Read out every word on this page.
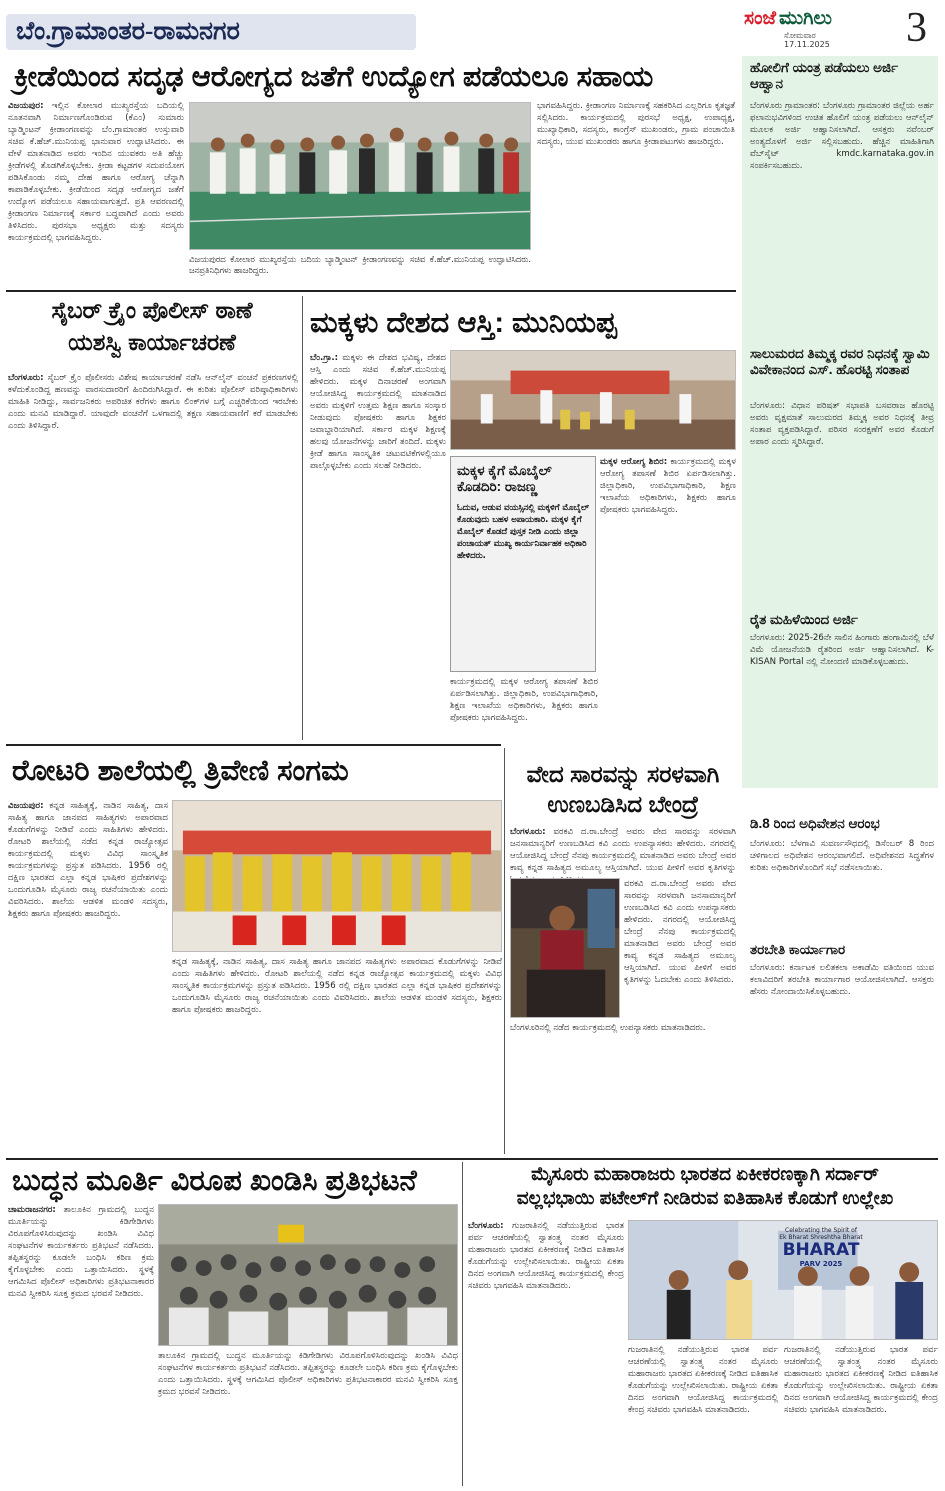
ಬೆಂ.ಗ್ರಾಮಾಂತರ-ರಾಮನಗರ	ಸಂಜೆ ಮುಗಿಲು
ಸೋಮವಾರ
17.11.2025 3
ಕ್ರೀಡೆಯಿಂದ ಸದೃಢ ಆರೋಗ್ಯದ ಜತೆಗೆ ಉದ್ಯೋಗ ಪಡೆಯಲೂ ಸಹಾಯ
ವಿಜಯಪುರ: ಇಲ್ಲಿನ ಕೋಲಾರ ಮುಖ್ಯರಸ್ತೆಯ ಬದಿಯಲ್ಲಿ ನೂತನವಾಗಿ ನಿರ್ಮಾಣಗೊಂಡಿರುವ (ಕೆಎಂ) ಸುಮಾರು ಬ್ಯಾಡ್ಮಿಂಟನ್ ಕ್ರೀಡಾಂಗಣವನ್ನು ಬೆಂ.ಗ್ರಾಮಾಂತರ ಉಸ್ತುವಾರಿ ಸಚಿವ ಕೆ.ಹೆಚ್.ಮುನಿಯಪ್ಪ ಭಾನುವಾರ ಉದ್ಘಾಟಿಸಿದರು. ಈ ವೇಳೆ ಮಾತನಾಡಿದ ಅವರು ಇಂದಿನ ಯುವಕರು ಅತಿ ಹೆಚ್ಚು ಕ್ರೀಡೆಗಳಲ್ಲಿ ತೊಡಗಿಕೊಳ್ಳಬೇಕು. ಕ್ರೀಡಾ ಕಟ್ಟಡಗಳ ಸದುಪಯೋಗ ಪಡಿಸಿಕೊಂಡು ನಮ್ಮ ದೇಹ ಹಾಗೂ ಆರೋಗ್ಯ ಚೆನ್ನಾಗಿ ಕಾಪಾಡಿಕೊಳ್ಳಬೇಕು. ಕ್ರೀಡೆಯಿಂದ ಸದೃಢ ಆರೋಗ್ಯದ ಜತೆಗೆ ಉದ್ಯೋಗ ಪಡೆಯಲೂ ಸಹಾಯವಾಗುತ್ತದೆ. ಪ್ರತಿ ಆವರಣದಲ್ಲಿ ಕ್ರೀಡಾಂಗಣ ನಿರ್ಮಾಣಕ್ಕೆ ಸರ್ಕಾರ ಬದ್ಧವಾಗಿದೆ ಎಂದು ಅವರು ತಿಳಿಸಿದರು. ಪುರಸಭಾ ಅಧ್ಯಕ್ಷರು ಮತ್ತು ಸದಸ್ಯರು ಕಾರ್ಯಕ್ರಮದಲ್ಲಿ ಭಾಗವಹಿಸಿದ್ದರು.
ವಿಜಯಪುರದ ಕೋಲಾರ ಮುಖ್ಯರಸ್ತೆಯ ಬದಿಯ ಬ್ಯಾಡ್ಮಿಂಟನ್ ಕ್ರೀಡಾಂಗಣವನ್ನು ಸಚಿವ ಕೆ.ಹೆಚ್.ಮುನಿಯಪ್ಪ ಉದ್ಘಾಟಿಸಿದರು. ಜನಪ್ರತಿನಿಧಿಗಳು ಹಾಜರಿದ್ದರು.
ಭಾಗವಹಿಸಿದ್ದರು. ಕ್ರೀಡಾಂಗಣ ನಿರ್ಮಾಣಕ್ಕೆ ಸಹಕರಿಸಿದ ಎಲ್ಲರಿಗೂ ಕೃತಜ್ಞತೆ ಸಲ್ಲಿಸಿದರು. ಕಾರ್ಯಕ್ರಮದಲ್ಲಿ ಪುರಸಭೆ ಅಧ್ಯಕ್ಷ, ಉಪಾಧ್ಯಕ್ಷ, ಮುಖ್ಯಾಧಿಕಾರಿ, ಸದಸ್ಯರು, ಕಾಂಗ್ರೆಸ್ ಮುಖಂಡರು, ಗ್ರಾಮ ಪಂಚಾಯಿತಿ ಸದಸ್ಯರು, ಯುವ ಮುಖಂಡರು ಹಾಗೂ ಕ್ರೀಡಾಪಟುಗಳು ಹಾಜರಿದ್ದರು.
ಸೈಬರ್ ಕ್ರೈಂ ಪೊಲೀಸ್ ಠಾಣೆ
ಯಶಸ್ವಿ ಕಾರ್ಯಾಚರಣೆ
ಬೆಂಗಳೂರು: ಸೈಬರ್ ಕ್ರೈಂ ಪೊಲೀಸರು ವಿಶೇಷ ಕಾರ್ಯಾಚರಣೆ ನಡೆಸಿ ಆನ್‌ಲೈನ್ ವಂಚನೆ ಪ್ರಕರಣಗಳಲ್ಲಿ ಕಳೆದುಕೊಂಡಿದ್ದ ಹಣವನ್ನು ವಾರಸುದಾರರಿಗೆ ಹಿಂದಿರುಗಿಸಿದ್ದಾರೆ. ಈ ಕುರಿತು ಪೊಲೀಸ್ ವರಿಷ್ಠಾಧಿಕಾರಿಗಳು ಮಾಹಿತಿ ನೀಡಿದ್ದು, ಸಾರ್ವಜನಿಕರು ಅಪರಿಚಿತ ಕರೆಗಳು ಹಾಗೂ ಲಿಂಕ್‌ಗಳ ಬಗ್ಗೆ ಎಚ್ಚರಿಕೆಯಿಂದ ಇರಬೇಕು ಎಂದು ಮನವಿ ಮಾಡಿದ್ದಾರೆ. ಯಾವುದೇ ವಂಚನೆಗೆ ಒಳಗಾದಲ್ಲಿ ತಕ್ಷಣ ಸಹಾಯವಾಣಿಗೆ ಕರೆ ಮಾಡಬೇಕು ಎಂದು ತಿಳಿಸಿದ್ದಾರೆ.
ಮಕ್ಕಳು ದೇಶದ ಆಸ್ತಿ: ಮುನಿಯಪ್ಪ
ಬೆಂ.ಗ್ರಾ.: ಮಕ್ಕಳು ಈ ದೇಶದ ಭವಿಷ್ಯ, ದೇಶದ ಆಸ್ತಿ ಎಂದು ಸಚಿವ ಕೆ.ಹೆಚ್.ಮುನಿಯಪ್ಪ ಹೇಳಿದರು. ಮಕ್ಕಳ ದಿನಾಚರಣೆ ಅಂಗವಾಗಿ ಆಯೋಜಿಸಿದ್ದ ಕಾರ್ಯಕ್ರಮದಲ್ಲಿ ಮಾತನಾಡಿದ ಅವರು ಮಕ್ಕಳಿಗೆ ಉತ್ತಮ ಶಿಕ್ಷಣ ಹಾಗೂ ಸಂಸ್ಕಾರ ನೀಡುವುದು ಪೋಷಕರು ಹಾಗೂ ಶಿಕ್ಷಕರ ಜವಾಬ್ದಾರಿಯಾಗಿದೆ. ಸರ್ಕಾರ ಮಕ್ಕಳ ಶಿಕ್ಷಣಕ್ಕೆ ಹಲವು ಯೋಜನೆಗಳನ್ನು ಜಾರಿಗೆ ತಂದಿದೆ. ಮಕ್ಕಳು ಕ್ರೀಡೆ ಹಾಗೂ ಸಾಂಸ್ಕೃತಿಕ ಚಟುವಟಿಕೆಗಳಲ್ಲಿಯೂ ಪಾಲ್ಗೊಳ್ಳಬೇಕು ಎಂದು ಸಲಹೆ ನೀಡಿದರು.	ಮಕ್ಕಳ ಕೈಗೆ ಮೊಬೈಲ್ ಕೊಡದಿರಿ: ರಾಜಣ್ಣ
ಓದುವ, ಆಡುವ ವಯಸ್ಸಿನಲ್ಲಿ ಮಕ್ಕಳಿಗೆ ಮೊಬೈಲ್ ಕೊಡುವುದು ಬಹಳ ಅಪಾಯಕಾರಿ. ಮಕ್ಕಳ ಕೈಗೆ ಮೊಬೈಲ್ ಕೊಡದೆ ಪುಸ್ತಕ ನೀಡಿ ಎಂದು ಜಿಲ್ಲಾ ಪಂಚಾಯತ್ ಮುಖ್ಯ ಕಾರ್ಯನಿರ್ವಾಹಕ ಅಧಿಕಾರಿ ಹೇಳಿದರು.
ಕಾರ್ಯಕ್ರಮದಲ್ಲಿ ಮಕ್ಕಳ ಆರೋಗ್ಯ ತಪಾಸಣೆ ಶಿಬಿರ ಏರ್ಪಡಿಸಲಾಗಿತ್ತು. ಜಿಲ್ಲಾಧಿಕಾರಿ, ಉಪವಿಭಾಗಾಧಿಕಾರಿ, ಶಿಕ್ಷಣ ಇಲಾಖೆಯ ಅಧಿಕಾರಿಗಳು, ಶಿಕ್ಷಕರು ಹಾಗೂ ಪೋಷಕರು ಭಾಗವಹಿಸಿದ್ದರು.
ಮಕ್ಕಳ ಆರೋಗ್ಯ ಶಿಬಿರ: ಕಾರ್ಯಕ್ರಮದಲ್ಲಿ ಮಕ್ಕಳ ಆರೋಗ್ಯ ತಪಾಸಣೆ ಶಿಬಿರ ಏರ್ಪಡಿಸಲಾಗಿತ್ತು. ಜಿಲ್ಲಾಧಿಕಾರಿ, ಉಪವಿಭಾಗಾಧಿಕಾರಿ, ಶಿಕ್ಷಣ ಇಲಾಖೆಯ ಅಧಿಕಾರಿಗಳು, ಶಿಕ್ಷಕರು ಹಾಗೂ ಪೋಷಕರು ಭಾಗವಹಿಸಿದ್ದರು.
ಹೋಲಿಗೆ ಯಂತ್ರ ಪಡೆಯಲು ಅರ್ಜಿ ಆಹ್ವಾನ
ಬೆಂಗಳೂರು ಗ್ರಾಮಾಂತರ: ಬೆಂಗಳೂರು ಗ್ರಾಮಾಂತರ ಜಿಲ್ಲೆಯ ಅರ್ಹ ಫಲಾನುಭವಿಗಳಿಂದ ಉಚಿತ ಹೊಲಿಗೆ ಯಂತ್ರ ಪಡೆಯಲು ಆನ್‌ಲೈನ್ ಮೂಲಕ ಅರ್ಜಿ ಆಹ್ವಾನಿಸಲಾಗಿದೆ. ಆಸಕ್ತರು ನವೆಂಬರ್ ಅಂತ್ಯದೊಳಗೆ ಅರ್ಜಿ ಸಲ್ಲಿಸಬಹುದು. ಹೆಚ್ಚಿನ ಮಾಹಿತಿಗಾಗಿ ವೆಬ್‌ಸೈಟ್ kmdc.karnataka.gov.in ಸಂಪರ್ಕಿಸಬಹುದು.
ಸಾಲುಮರದ ತಿಮ್ಮಕ್ಕ ರವರ ನಿಧನಕ್ಕೆ ಸ್ವಾಮಿ ವಿವೇಕಾನಂದ ಎಸ್. ಹೊರಟ್ಟಿ ಸಂತಾಪ
ಬೆಂಗಳೂರು: ವಿಧಾನ ಪರಿಷತ್ ಸಭಾಪತಿ ಬಸವರಾಜ ಹೊರಟ್ಟಿ ಅವರು ವೃಕ್ಷಮಾತೆ ಸಾಲುಮರದ ತಿಮ್ಮಕ್ಕ ಅವರ ನಿಧನಕ್ಕೆ ತೀವ್ರ ಸಂತಾಪ ವ್ಯಕ್ತಪಡಿಸಿದ್ದಾರೆ. ಪರಿಸರ ಸಂರಕ್ಷಣೆಗೆ ಅವರ ಕೊಡುಗೆ ಅಪಾರ ಎಂದು ಸ್ಮರಿಸಿದ್ದಾರೆ.
ರೈತ ಮಹಿಳೆಯಿಂದ ಅರ್ಜಿ
ಬೆಂಗಳೂರು: 2025-26ನೇ ಸಾಲಿನ ಹಿಂಗಾರು ಹಂಗಾಮಿನಲ್ಲಿ ಬೆಳೆ ವಿಮೆ ಯೋಜನೆಯಡಿ ರೈತರಿಂದ ಅರ್ಜಿ ಆಹ್ವಾನಿಸಲಾಗಿದೆ. K-KISAN Portal ನಲ್ಲಿ ನೋಂದಣಿ ಮಾಡಿಕೊಳ್ಳಬಹುದು.
ಡಿ.8 ರಿಂದ ಅಧಿವೇಶನ ಆರಂಭ
ಬೆಂಗಳೂರು: ಬೆಳಗಾವಿ ಸುವರ್ಣಸೌಧದಲ್ಲಿ ಡಿಸೆಂಬರ್ 8 ರಿಂದ ಚಳಿಗಾಲದ ಅಧಿವೇಶನ ಆರಂಭವಾಗಲಿದೆ. ಅಧಿವೇಶನದ ಸಿದ್ಧತೆಗಳ ಕುರಿತು ಅಧಿಕಾರಿಗಳೊಂದಿಗೆ ಸಭೆ ನಡೆಸಲಾಯಿತು.
ತರಬೇತಿ ಕಾರ್ಯಾಗಾರ
ಬೆಂಗಳೂರು: ಕರ್ನಾಟಕ ಲಲಿತಕಲಾ ಅಕಾಡೆಮಿ ವತಿಯಿಂದ ಯುವ ಕಲಾವಿದರಿಗೆ ತರಬೇತಿ ಕಾರ್ಯಾಗಾರ ಆಯೋಜಿಸಲಾಗಿದೆ. ಆಸಕ್ತರು ಹೆಸರು ನೋಂದಾಯಿಸಿಕೊಳ್ಳಬಹುದು.
ರೋಟರಿ ಶಾಲೆಯಲ್ಲಿ ತ್ರಿವೇಣಿ ಸಂಗಮ
ವಿಜಯಪುರ: ಕನ್ನಡ ಸಾಹಿತ್ಯಕ್ಕೆ, ನಾಡಿನ ಸಾಹಿತ್ಯ, ದಾಸ ಸಾಹಿತ್ಯ ಹಾಗೂ ಜಾನಪದ ಸಾಹಿತ್ಯಗಳು ಅಪಾರವಾದ ಕೊಡುಗೆಗಳನ್ನು ನೀಡಿವೆ ಎಂದು ಸಾಹಿತಿಗಳು ಹೇಳಿದರು. ರೋಟರಿ ಶಾಲೆಯಲ್ಲಿ ನಡೆದ ಕನ್ನಡ ರಾಜ್ಯೋತ್ಸವ ಕಾರ್ಯಕ್ರಮದಲ್ಲಿ ಮಕ್ಕಳು ವಿವಿಧ ಸಾಂಸ್ಕೃತಿಕ ಕಾರ್ಯಕ್ರಮಗಳನ್ನು ಪ್ರಸ್ತುತ ಪಡಿಸಿದರು. 1956 ರಲ್ಲಿ ದಕ್ಷಿಣ ಭಾರತದ ಎಲ್ಲಾ ಕನ್ನಡ ಭಾಷಿಕರ ಪ್ರದೇಶಗಳನ್ನು ಒಂದುಗೂಡಿಸಿ ಮೈಸೂರು ರಾಜ್ಯ ರಚನೆಯಾಯಿತು ಎಂದು ವಿವರಿಸಿದರು. ಶಾಲೆಯ ಆಡಳಿತ ಮಂಡಳಿ ಸದಸ್ಯರು, ಶಿಕ್ಷಕರು ಹಾಗೂ ಪೋಷಕರು ಹಾಜರಿದ್ದರು.
ಕನ್ನಡ ಸಾಹಿತ್ಯಕ್ಕೆ, ನಾಡಿನ ಸಾಹಿತ್ಯ, ದಾಸ ಸಾಹಿತ್ಯ ಹಾಗೂ ಜಾನಪದ ಸಾಹಿತ್ಯಗಳು ಅಪಾರವಾದ ಕೊಡುಗೆಗಳನ್ನು ನೀಡಿವೆ ಎಂದು ಸಾಹಿತಿಗಳು ಹೇಳಿದರು. ರೋಟರಿ ಶಾಲೆಯಲ್ಲಿ ನಡೆದ ಕನ್ನಡ ರಾಜ್ಯೋತ್ಸವ ಕಾರ್ಯಕ್ರಮದಲ್ಲಿ ಮಕ್ಕಳು ವಿವಿಧ ಸಾಂಸ್ಕೃತಿಕ ಕಾರ್ಯಕ್ರಮಗಳನ್ನು ಪ್ರಸ್ತುತ ಪಡಿಸಿದರು. 1956 ರಲ್ಲಿ ದಕ್ಷಿಣ ಭಾರತದ ಎಲ್ಲಾ ಕನ್ನಡ ಭಾಷಿಕರ ಪ್ರದೇಶಗಳನ್ನು ಒಂದುಗೂಡಿಸಿ ಮೈಸೂರು ರಾಜ್ಯ ರಚನೆಯಾಯಿತು ಎಂದು ವಿವರಿಸಿದರು. ಶಾಲೆಯ ಆಡಳಿತ ಮಂಡಳಿ ಸದಸ್ಯರು, ಶಿಕ್ಷಕರು ಹಾಗೂ ಪೋಷಕರು ಹಾಜರಿದ್ದರು.
ವೇದ ಸಾರವನ್ನು ಸರಳವಾಗಿ
ಉಣಬಡಿಸಿದ ಬೇಂದ್ರೆ
ಬೆಂಗಳೂರು: ವರಕವಿ ದ.ರಾ.ಬೇಂದ್ರೆ ಅವರು ವೇದ ಸಾರವನ್ನು ಸರಳವಾಗಿ ಜನಸಾಮಾನ್ಯರಿಗೆ ಉಣಬಡಿಸಿದ ಕವಿ ಎಂದು ಉಪನ್ಯಾಸಕರು ಹೇಳಿದರು. ನಗರದಲ್ಲಿ ಆಯೋಜಿಸಿದ್ದ ಬೇಂದ್ರೆ ನೆನಪು ಕಾರ್ಯಕ್ರಮದಲ್ಲಿ ಮಾತನಾಡಿದ ಅವರು ಬೇಂದ್ರೆ ಅವರ ಕಾವ್ಯ ಕನ್ನಡ ಸಾಹಿತ್ಯದ ಅಮೂಲ್ಯ ಆಸ್ತಿಯಾಗಿದೆ. ಯುವ ಪೀಳಿಗೆ ಅವರ ಕೃತಿಗಳನ್ನು
ವರಕವಿ ದ.ರಾ.ಬೇಂದ್ರೆ ಅವರು ವೇದ ಸಾರವನ್ನು ಸರಳವಾಗಿ ಜನಸಾಮಾನ್ಯರಿಗೆ ಉಣಬಡಿಸಿದ ಕವಿ ಎಂದು ಉಪನ್ಯಾಸಕರು ಹೇಳಿದರು. ನಗರದಲ್ಲಿ ಆಯೋಜಿಸಿದ್ದ ಬೇಂದ್ರೆ ನೆನಪು ಕಾರ್ಯಕ್ರಮದಲ್ಲಿ ಮಾತನಾಡಿದ ಅವರು ಬೇಂದ್ರೆ ಅವರ ಕಾವ್ಯ ಕನ್ನಡ ಸಾಹಿತ್ಯದ ಅಮೂಲ್ಯ ಆಸ್ತಿಯಾಗಿದೆ. ಯುವ ಪೀಳಿಗೆ ಅವರ ಕೃತಿಗಳನ್ನು ಓದಬೇಕು ಎಂದು ತಿಳಿಸಿದರು.
ಬೆಂಗಳೂರಿನಲ್ಲಿ ನಡೆದ ಕಾರ್ಯಕ್ರಮದಲ್ಲಿ ಉಪನ್ಯಾಸಕರು ಮಾತನಾಡಿದರು.
ಬುದ್ಧನ ಮೂರ್ತಿ ವಿರೂಪ ಖಂಡಿಸಿ ಪ್ರತಿಭಟನೆ
ಚಾಮರಾಜನಗರ: ತಾಲೂಕಿನ ಗ್ರಾಮದಲ್ಲಿ ಬುದ್ಧನ ಮೂರ್ತಿಯನ್ನು ಕಿಡಿಗೇಡಿಗಳು ವಿರೂಪಗೊಳಿಸಿರುವುದನ್ನು ಖಂಡಿಸಿ ವಿವಿಧ ಸಂಘಟನೆಗಳ ಕಾರ್ಯಕರ್ತರು ಪ್ರತಿಭಟನೆ ನಡೆಸಿದರು. ತಪ್ಪಿತಸ್ಥರನ್ನು ಕೂಡಲೇ ಬಂಧಿಸಿ ಕಠಿಣ ಕ್ರಮ ಕೈಗೊಳ್ಳಬೇಕು ಎಂದು ಒತ್ತಾಯಿಸಿದರು. ಸ್ಥಳಕ್ಕೆ ಆಗಮಿಸಿದ ಪೊಲೀಸ್ ಅಧಿಕಾರಿಗಳು ಪ್ರತಿಭಟನಾಕಾರರ ಮನವಿ ಸ್ವೀಕರಿಸಿ ಸೂಕ್ತ ಕ್ರಮದ ಭರವಸೆ ನೀಡಿದರು.
ತಾಲೂಕಿನ ಗ್ರಾಮದಲ್ಲಿ ಬುದ್ಧನ ಮೂರ್ತಿಯನ್ನು ಕಿಡಿಗೇಡಿಗಳು ವಿರೂಪಗೊಳಿಸಿರುವುದನ್ನು ಖಂಡಿಸಿ ವಿವಿಧ ಸಂಘಟನೆಗಳ ಕಾರ್ಯಕರ್ತರು ಪ್ರತಿಭಟನೆ ನಡೆಸಿದರು. ತಪ್ಪಿತಸ್ಥರನ್ನು ಕೂಡಲೇ ಬಂಧಿಸಿ ಕಠಿಣ ಕ್ರಮ ಕೈಗೊಳ್ಳಬೇಕು ಎಂದು ಒತ್ತಾಯಿಸಿದರು. ಸ್ಥಳಕ್ಕೆ ಆಗಮಿಸಿದ ಪೊಲೀಸ್ ಅಧಿಕಾರಿಗಳು ಪ್ರತಿಭಟನಾಕಾರರ ಮನವಿ ಸ್ವೀಕರಿಸಿ ಸೂಕ್ತ ಕ್ರಮದ ಭರವಸೆ ನೀಡಿದರು.
ಮೈಸೂರು ಮಹಾರಾಜರು ಭಾರತದ ಏಕೀಕರಣಕ್ಕಾಗಿ ಸರ್ದಾರ್
ವಲ್ಲಭಭಾಯಿ ಪಟೇಲ್‌ಗೆ ನೀಡಿರುವ ಐತಿಹಾಸಿಕ ಕೊಡುಗೆ ಉಲ್ಲೇಖ
ಬೆಂಗಳೂರು: ಗುಜರಾತಿನಲ್ಲಿ ನಡೆಯುತ್ತಿರುವ ಭಾರತ ಪರ್ವ ಆಚರಣೆಯಲ್ಲಿ ಸ್ವಾತಂತ್ರ್ಯ ನಂತರ ಮೈಸೂರು ಮಹಾರಾಜರು ಭಾರತದ ಏಕೀಕರಣಕ್ಕೆ ನೀಡಿದ ಐತಿಹಾಸಿಕ ಕೊಡುಗೆಯನ್ನು ಉಲ್ಲೇಖಿಸಲಾಯಿತು. ರಾಷ್ಟ್ರೀಯ ಏಕತಾ ದಿನದ ಅಂಗವಾಗಿ ಆಯೋಜಿಸಿದ್ದ ಕಾರ್ಯಕ್ರಮದಲ್ಲಿ ಕೇಂದ್ರ ಸಚಿವರು ಭಾಗವಹಿಸಿ ಮಾತನಾಡಿದರು.
Celebrating the Spirit of
Ek Bharat Shreshtha Bharat
BHARAT
PARV 2025
ಗುಜರಾತಿನಲ್ಲಿ ನಡೆಯುತ್ತಿರುವ ಭಾರತ ಪರ್ವ ಆಚರಣೆಯಲ್ಲಿ ಸ್ವಾತಂತ್ರ್ಯ ನಂತರ ಮೈಸೂರು ಮಹಾರಾಜರು ಭಾರತದ ಏಕೀಕರಣಕ್ಕೆ ನೀಡಿದ ಐತಿಹಾಸಿಕ ಕೊಡುಗೆಯನ್ನು ಉಲ್ಲೇಖಿಸಲಾಯಿತು. ರಾಷ್ಟ್ರೀಯ ಏಕತಾ ದಿನದ ಅಂಗವಾಗಿ ಆಯೋಜಿಸಿದ್ದ ಕಾರ್ಯಕ್ರಮದಲ್ಲಿ ಕೇಂದ್ರ ಸಚಿವರು ಭಾಗವಹಿಸಿ ಮಾತನಾಡಿದರು.
ಗುಜರಾತಿನಲ್ಲಿ ನಡೆಯುತ್ತಿರುವ ಭಾರತ ಪರ್ವ ಆಚರಣೆಯಲ್ಲಿ ಸ್ವಾತಂತ್ರ್ಯ ನಂತರ ಮೈಸೂರು ಮಹಾರಾಜರು ಭಾರತದ ಏಕೀಕರಣಕ್ಕೆ ನೀಡಿದ ಐತಿಹಾಸಿಕ ಕೊಡುಗೆಯನ್ನು ಉಲ್ಲೇಖಿಸಲಾಯಿತು. ರಾಷ್ಟ್ರೀಯ ಏಕತಾ ದಿನದ ಅಂಗವಾಗಿ ಆಯೋಜಿಸಿದ್ದ ಕಾರ್ಯಕ್ರಮದಲ್ಲಿ ಕೇಂದ್ರ ಸಚಿವರು ಭಾಗವಹಿಸಿ ಮಾತನಾಡಿದರು.
